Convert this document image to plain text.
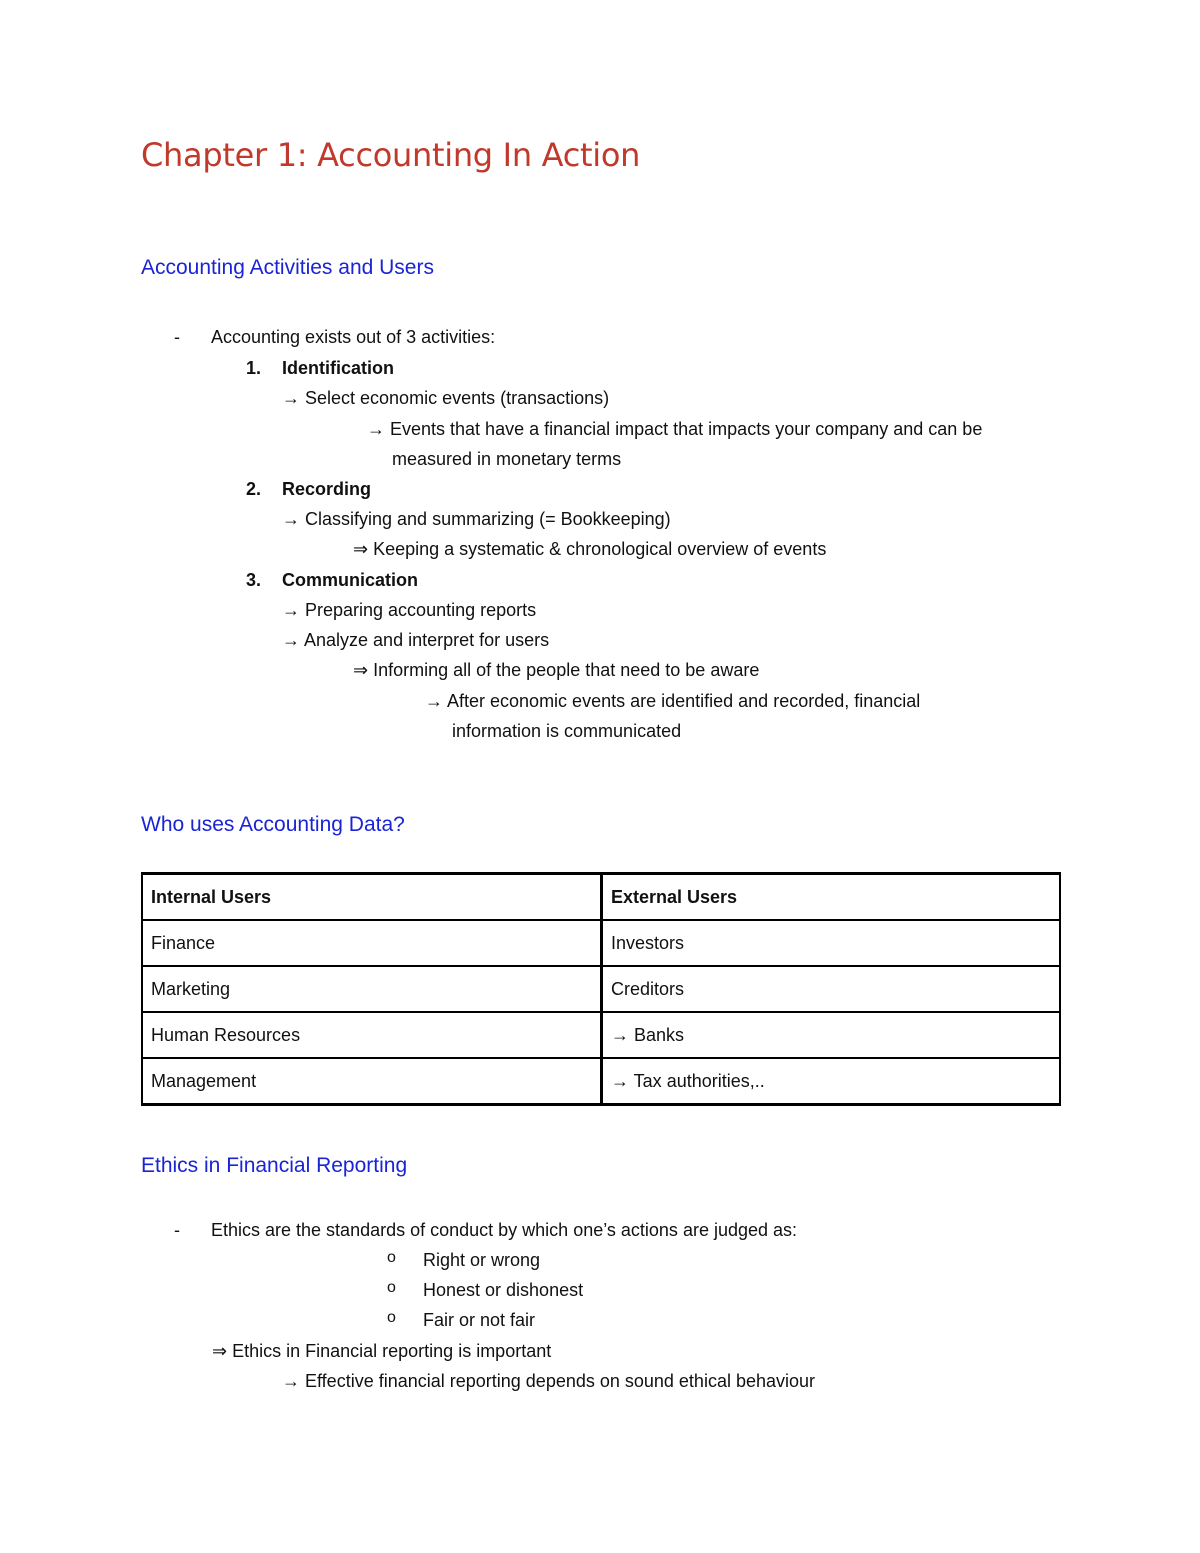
Chapter 1: Accounting In Action
Accounting Activities and Users
- Accounting exists out of 3 activities:
1. Identification
→ Select economic events (transactions)
→ Events that have a financial impact that impacts your company and can be
measured in monetary terms
2. Recording
→ Classifying and summarizing (= Bookkeeping)
⇒ Keeping a systematic & chronological overview of events
3. Communication
→ Preparing accounting reports
→ Analyze and interpret for users
⇒ Informing all of the people that need to be aware
→ After economic events are identified and recorded, financial
information is communicated
Who uses Accounting Data?
Internal Users	External Users
Finance	Investors
Marketing	Creditors
Human Resources	→ Banks
Management	→ Tax authorities,..
Ethics in Financial Reporting
- Ethics are the standards of conduct by which one’s actions are judged as:
o Right or wrong
o Honest or dishonest
o Fair or not fair
⇒ Ethics in Financial reporting is important
→ Effective financial reporting depends on sound ethical behaviour
